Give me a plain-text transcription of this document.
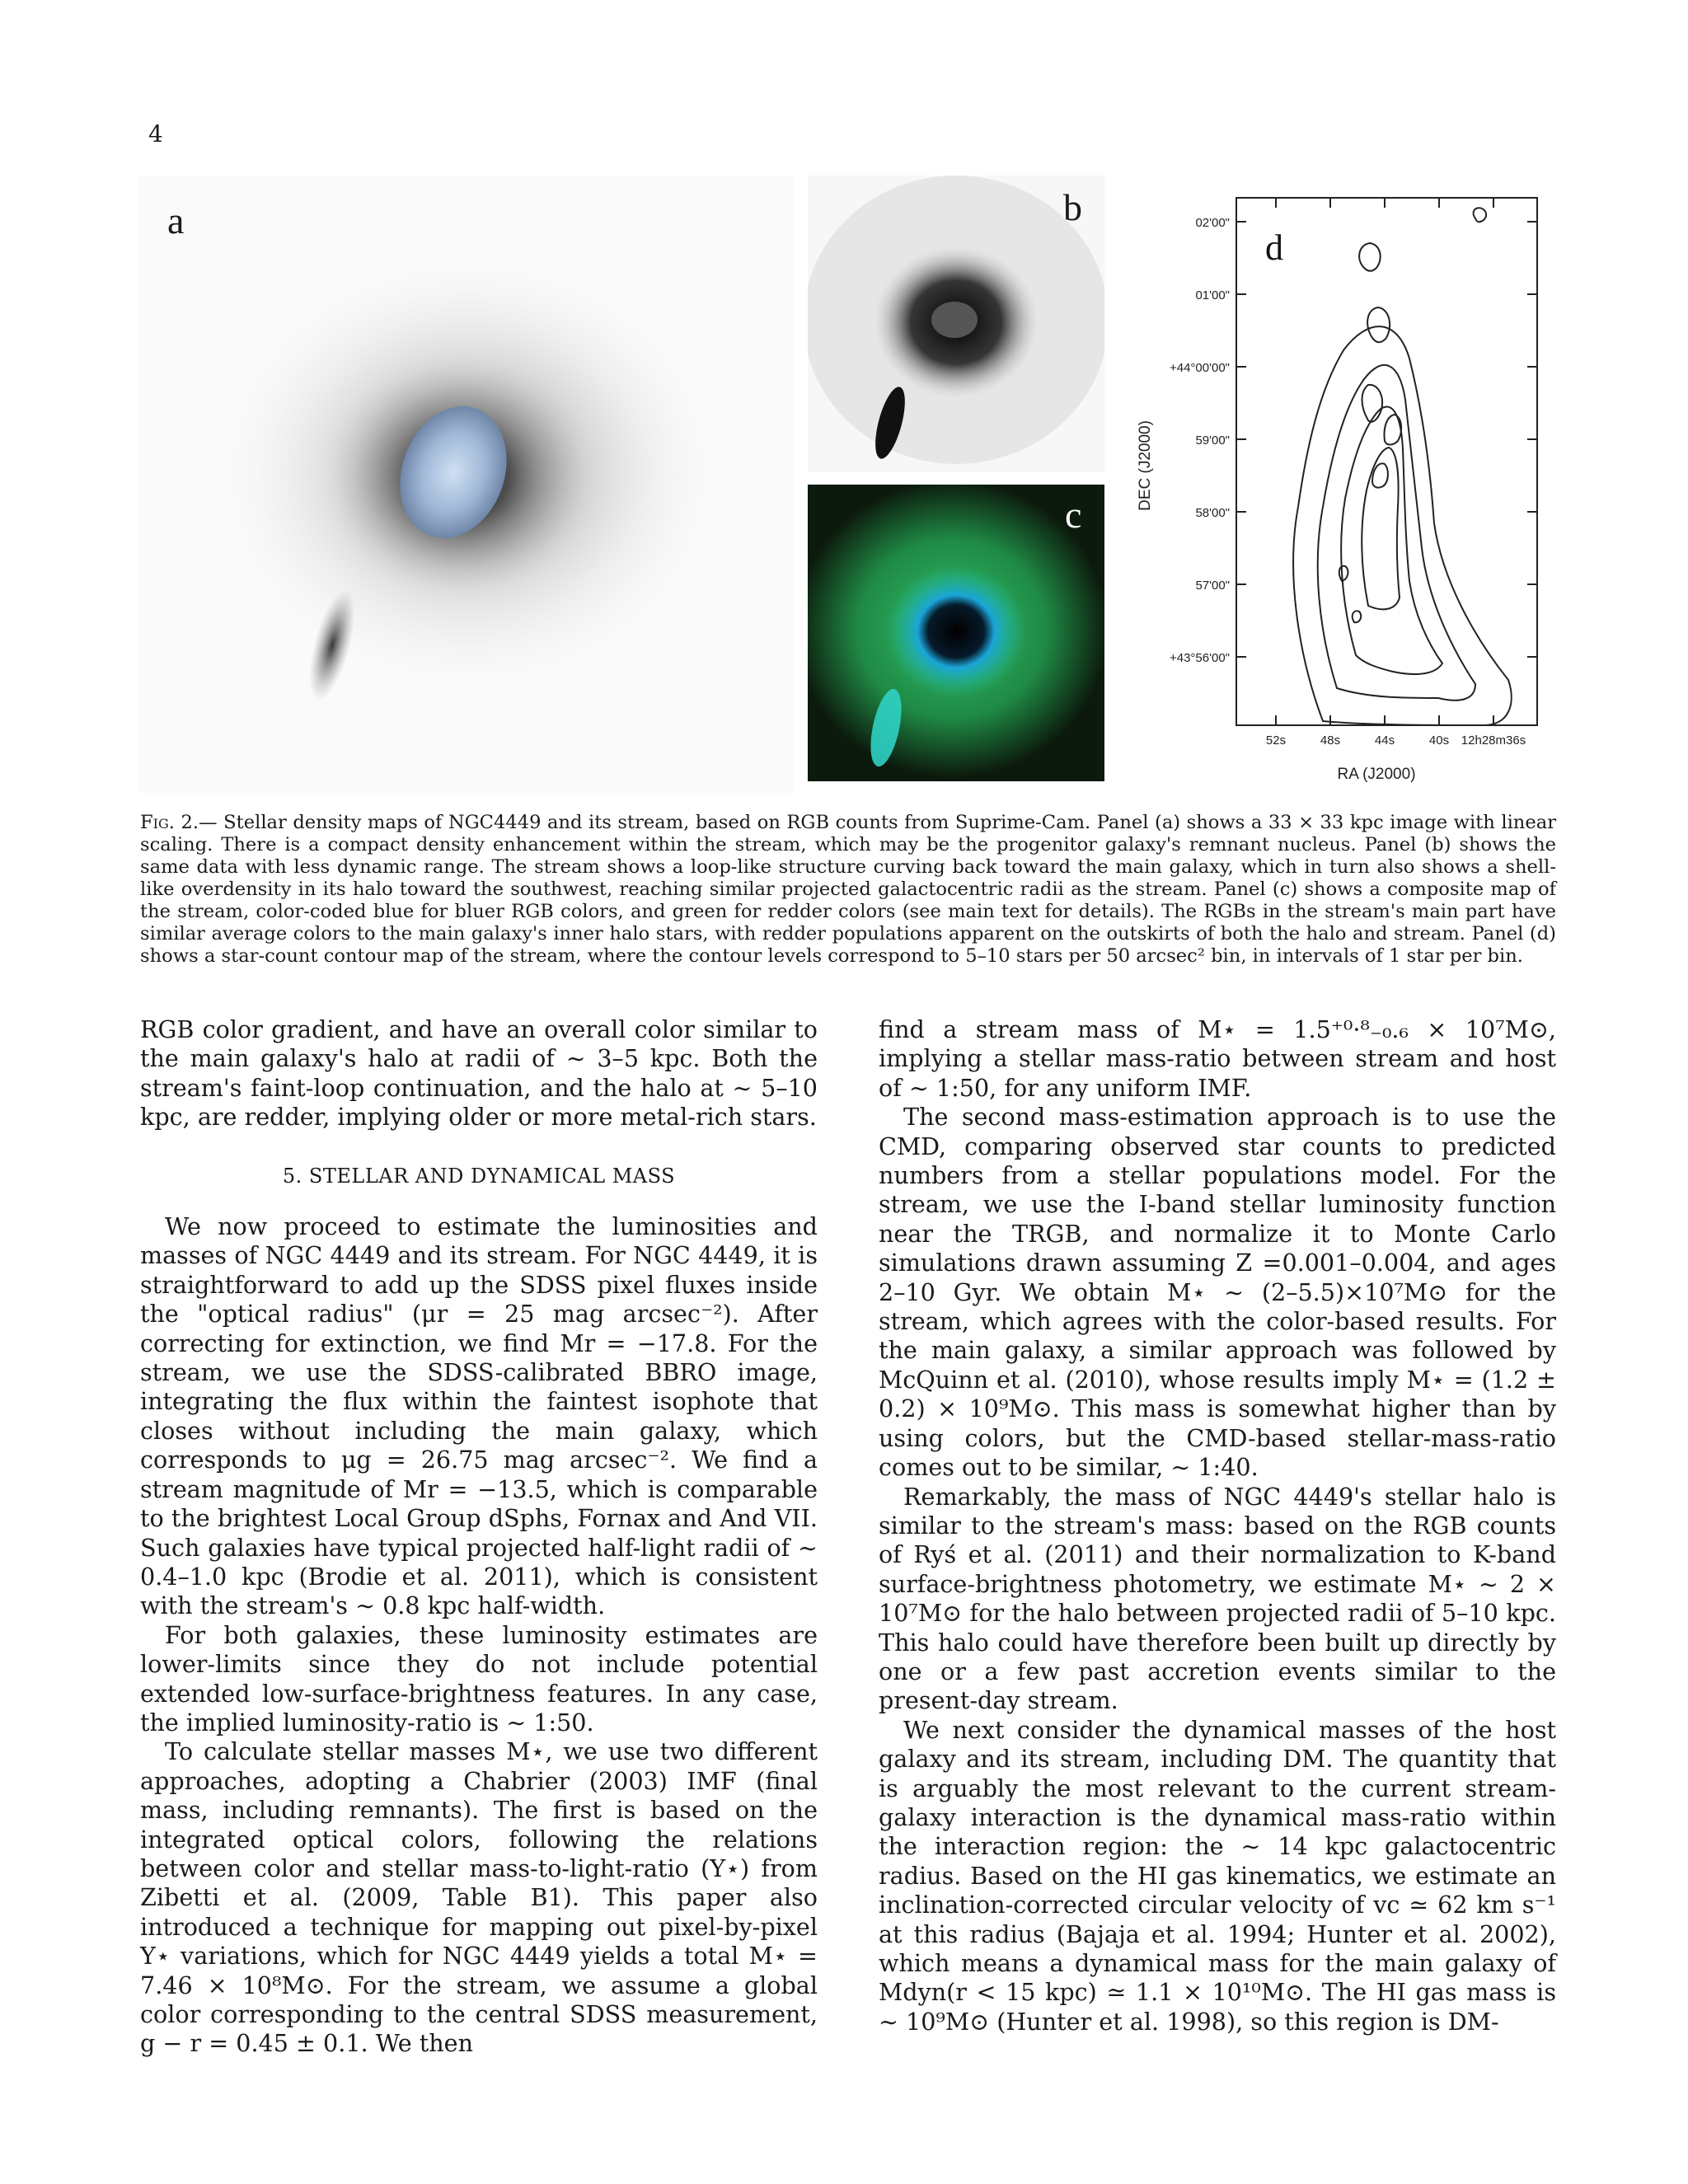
4
a	b
c
02'00"
01'00"
+44°00'00"
59'00"
58'00"
57'00"
+43°56'00"
52s	48s	44s	40s 12h28m36s
RA (J2000)
DEC (J2000)
d
Fig. 2.— Stellar density maps of NGC4449 and its stream, based on RGB counts from Suprime-Cam. Panel (a) shows a 33 × 33 kpc image with linear scaling. There is a compact density enhancement within the stream, which may be the progenitor galaxy's remnant nucleus. Panel (b) shows the same data with less dynamic range. The stream shows a loop-like structure curving back toward the main galaxy, which in turn also shows a shell-like overdensity in its halo toward the southwest, reaching similar projected galactocentric radii as the stream. Panel (c) shows a composite map of the stream, color-coded blue for bluer RGB colors, and green for redder colors (see main text for details). The RGBs in the stream's main part have similar average colors to the main galaxy's inner halo stars, with redder populations apparent on the outskirts of both the halo and stream. Panel (d) shows a star-count contour map of the stream, where the contour levels correspond to 5–10 stars per 50 arcsec² bin, in intervals of 1 star per bin.

RGB color gradient, and have an overall color similar to the main galaxy's halo at radii of ∼ 3–5 kpc. Both the stream's faint-loop continuation, and the halo at ∼ 5–10 kpc, are redder, implying older or more metal-rich stars.

5. STELLAR AND DYNAMICAL MASS

We now proceed to estimate the luminosities and masses of NGC 4449 and its stream. For NGC 4449, it is straightforward to add up the SDSS pixel fluxes inside the "optical radius" (μr = 25 mag arcsec⁻²). After correcting for extinction, we find Mr = −17.8. For the stream, we use the SDSS-calibrated BBRO image, integrating the flux within the faintest isophote that closes without including the main galaxy, which corresponds to μg = 26.75 mag arcsec⁻². We find a stream magnitude of Mr = −13.5, which is comparable to the brightest Local Group dSphs, Fornax and And VII. Such galaxies have typical projected half-light radii of ∼ 0.4–1.0 kpc (Brodie et al. 2011), which is consistent with the stream's ∼ 0.8 kpc half-width.

For both galaxies, these luminosity estimates are lower-limits since they do not include potential extended low-surface-brightness features. In any case, the implied luminosity-ratio is ∼ 1:50.

To calculate stellar masses M⋆, we use two different approaches, adopting a Chabrier (2003) IMF (final mass, including remnants). The first is based on the integrated optical colors, following the relations between color and stellar mass-to-light-ratio (Υ⋆) from Zibetti et al. (2009, Table B1). This paper also introduced a technique for mapping out pixel-by-pixel Υ⋆ variations, which for NGC 4449 yields a total M⋆ = 7.46 × 10⁸M⊙. For the stream, we assume a global color corresponding to the central SDSS measurement, g − r = 0.45 ± 0.1. We then

find a stream mass of M⋆ = 1.5⁺⁰·⁸₋₀.₆ × 10⁷M⊙, implying a stellar mass-ratio between stream and host of ∼ 1:50, for any uniform IMF.

The second mass-estimation approach is to use the CMD, comparing observed star counts to predicted numbers from a stellar populations model. For the stream, we use the I-band stellar luminosity function near the TRGB, and normalize it to Monte Carlo simulations drawn assuming Z =0.001–0.004, and ages 2–10 Gyr. We obtain M⋆ ∼ (2–5.5)×10⁷M⊙ for the stream, which agrees with the color-based results. For the main galaxy, a similar approach was followed by McQuinn et al. (2010), whose results imply M⋆ = (1.2 ± 0.2) × 10⁹M⊙. This mass is somewhat higher than by using colors, but the CMD-based stellar-mass-ratio comes out to be similar, ∼ 1:40.

Remarkably, the mass of NGC 4449's stellar halo is similar to the stream's mass: based on the RGB counts of Ryś et al. (2011) and their normalization to K-band surface-brightness photometry, we estimate M⋆ ∼ 2 × 10⁷M⊙ for the halo between projected radii of 5–10 kpc. This halo could have therefore been built up directly by one or a few past accretion events similar to the present-day stream.

We next consider the dynamical masses of the host galaxy and its stream, including DM. The quantity that is arguably the most relevant to the current stream-galaxy interaction is the dynamical mass-ratio within the interaction region: the ∼ 14 kpc galactocentric radius. Based on the HI gas kinematics, we estimate an inclination-corrected circular velocity of vc ≃ 62 km s⁻¹ at this radius (Bajaja et al. 1994; Hunter et al. 2002), which means a dynamical mass for the main galaxy of Mdyn(r < 15 kpc) ≃ 1.1 × 10¹⁰M⊙. The HI gas mass is ∼ 10⁹M⊙ (Hunter et al. 1998), so this region is DM-
